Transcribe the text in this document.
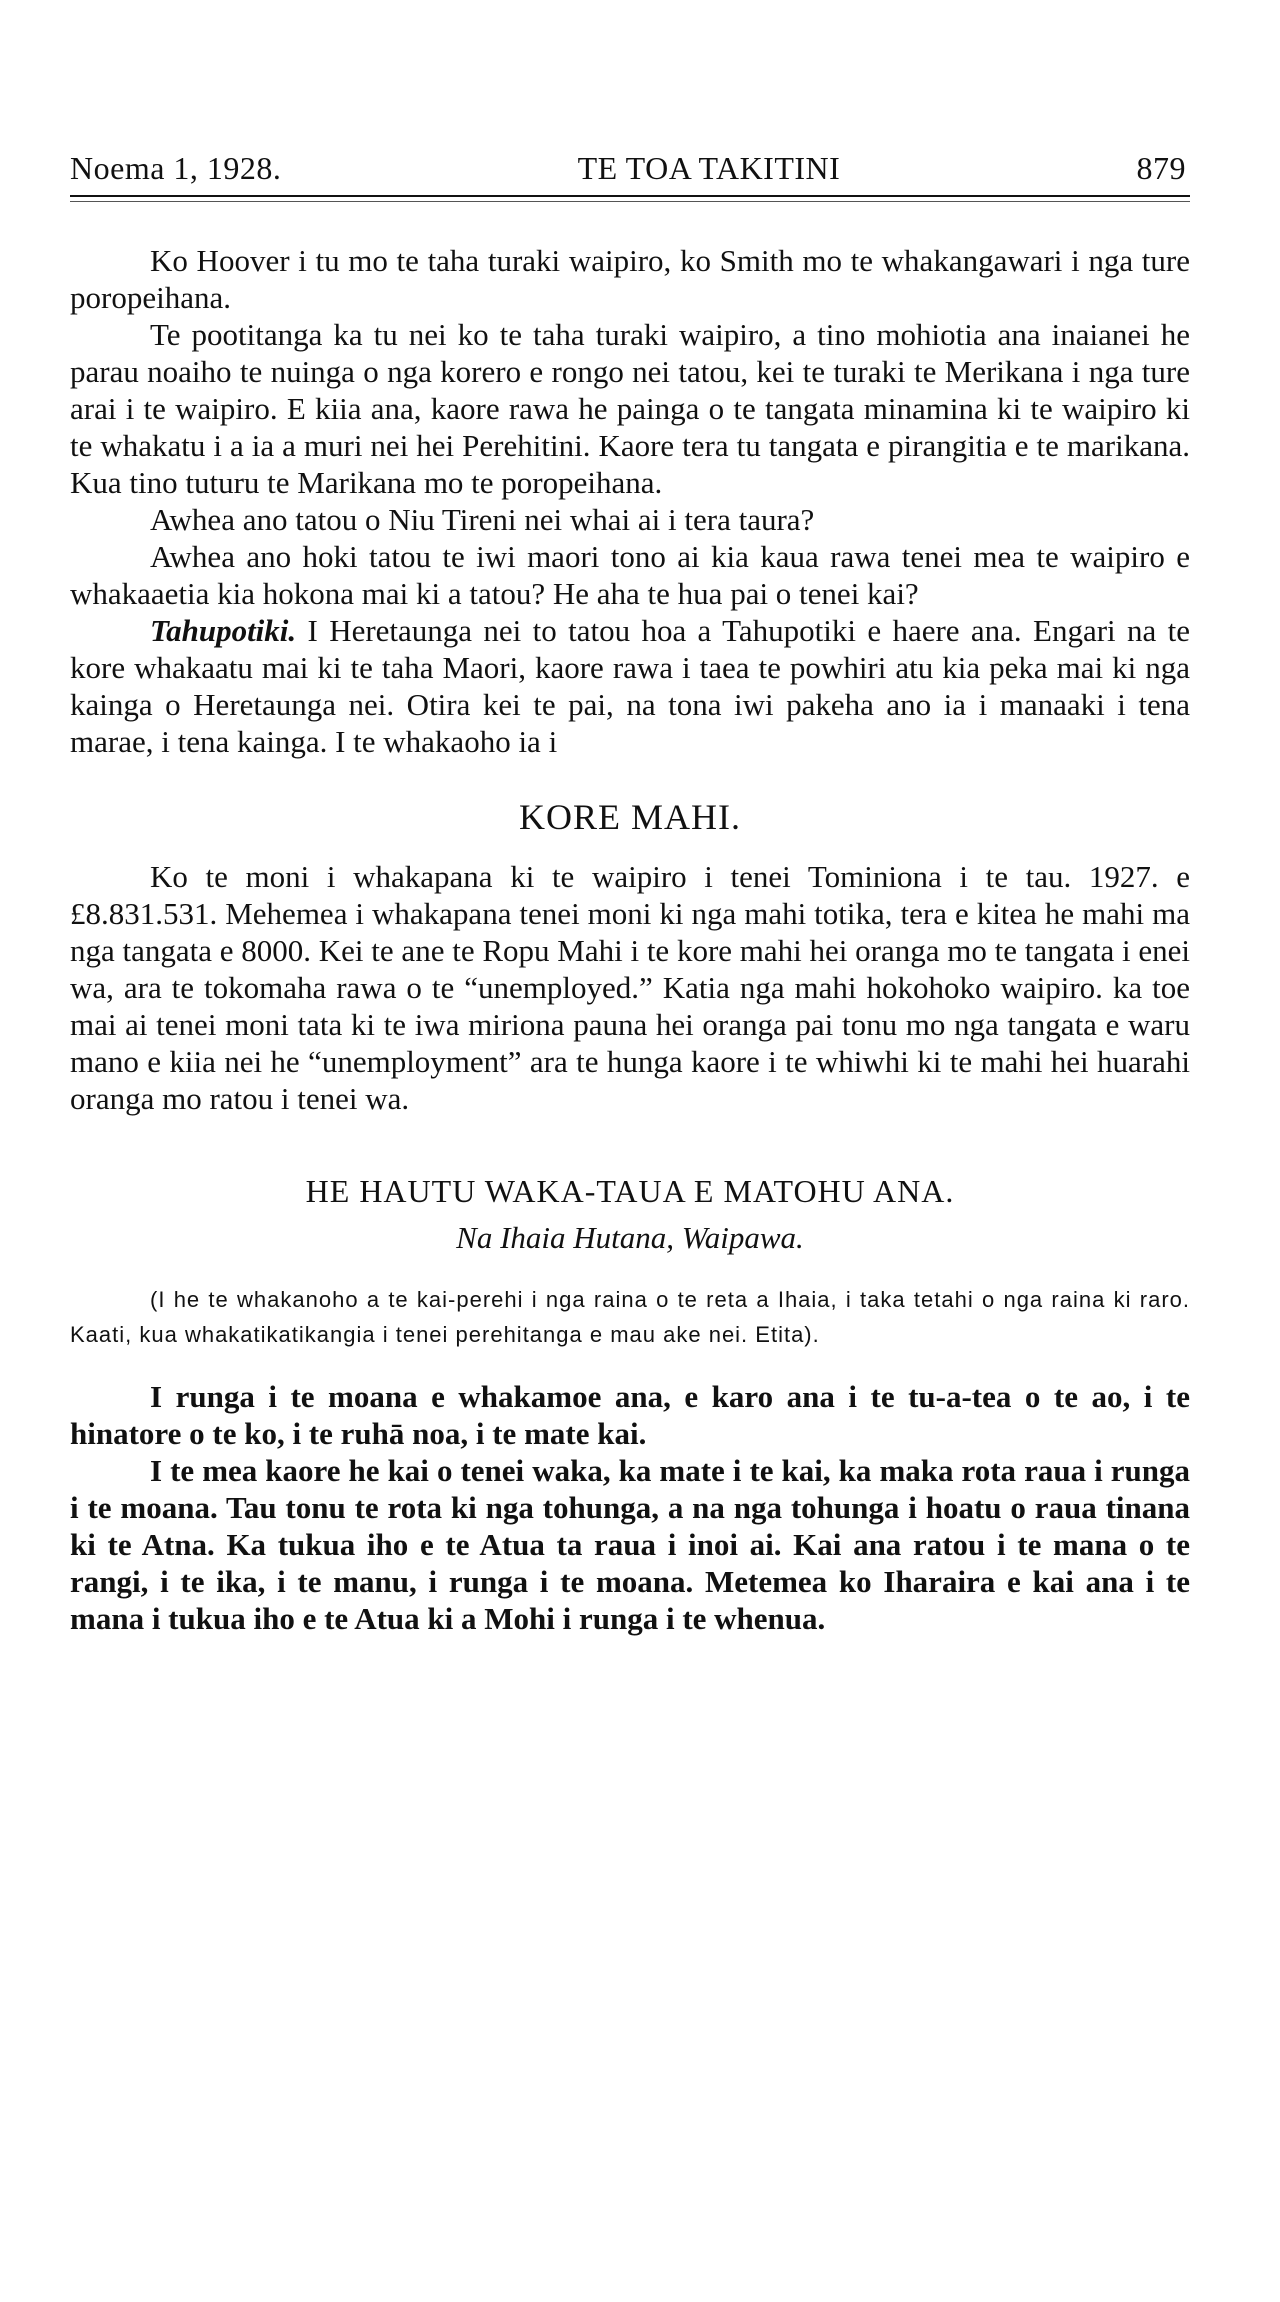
Noema 1, 1928.	TE TOA TAKITINI	879

Ko Hoover i tu mo te taha turaki waipiro, ko Smith mo te whakangawari i nga ture poropeihana.

Te pootitanga ka tu nei ko te taha turaki waipiro, a tino mohiotia ana inaianei he parau noaiho te nuinga o nga korero e rongo nei tatou, kei te turaki te Merikana i nga ture arai i te waipiro. E kiia ana, kaore rawa he painga o te tangata minamina ki te waipiro ki te whakatu i a ia a muri nei hei Perehitini. Kaore tera tu tangata e pirangitia e te marikana. Kua tino tuturu te Marikana mo te poropeihana.

Awhea ano tatou o Niu Tireni nei whai ai i tera taura?

Awhea ano hoki tatou te iwi maori tono ai kia kaua rawa tenei mea te waipiro e whakaaetia kia hokona mai ki a tatou? He aha te hua pai o tenei kai?

Tahupotiki. I Heretaunga nei to tatou hoa a Tahupotiki e haere ana. Engari na te kore whakaatu mai ki te taha Maori, kaore rawa i taea te powhiri atu kia peka mai ki nga kainga o Heretaunga nei. Otira kei te pai, na tona iwi pakeha ano ia i manaaki i tena marae, i tena kainga. I te whakaoho ia i

KORE MAHI.

Ko te moni i whakapana ki te waipiro i tenei Tominiona i te tau. 1927. e £8.831.531. Mehemea i whakapana tenei moni ki nga mahi totika, tera e kitea he mahi ma nga tangata e 8000. Kei te ane te Ropu Mahi i te kore mahi hei oranga mo te tangata i enei wa, ara te tokomaha rawa o te “unemployed.” Katia nga mahi hokohoko waipiro. ka toe mai ai tenei moni tata ki te iwa miriona pauna hei oranga pai tonu mo nga tangata e waru mano e kiia nei he “unemployment” ara te hunga kaore i te whiwhi ki te mahi hei huarahi oranga mo ratou i tenei wa.

HE HAUTU WAKA-TAUA E MATOHU ANA.
Na Ihaia Hutana, Waipawa.

(I he te whakanoho a te kai-perehi i nga raina o te reta a Ihaia, i taka tetahi o nga raina ki raro. Kaati, kua whakatikatikangia i tenei perehitanga e mau ake nei. Etita).

I runga i te moana e whakamoe ana, e karo ana i te tu-a-tea o te ao, i te hinatore o te ko, i te ruhā noa, i te mate kai.

I te mea kaore he kai o tenei waka, ka mate i te kai, ka maka rota raua i runga i te moana. Tau tonu te rota ki nga tohunga, a na nga tohunga i hoatu o raua tinana ki te Atna. Ka tukua iho e te Atua ta raua i inoi ai. Kai ana ratou i te mana o te rangi, i te ika, i te manu, i runga i te moana. Metemea ko Iharaira e kai ana i te mana i tukua iho e te Atua ki a Mohi i runga i te whenua.
